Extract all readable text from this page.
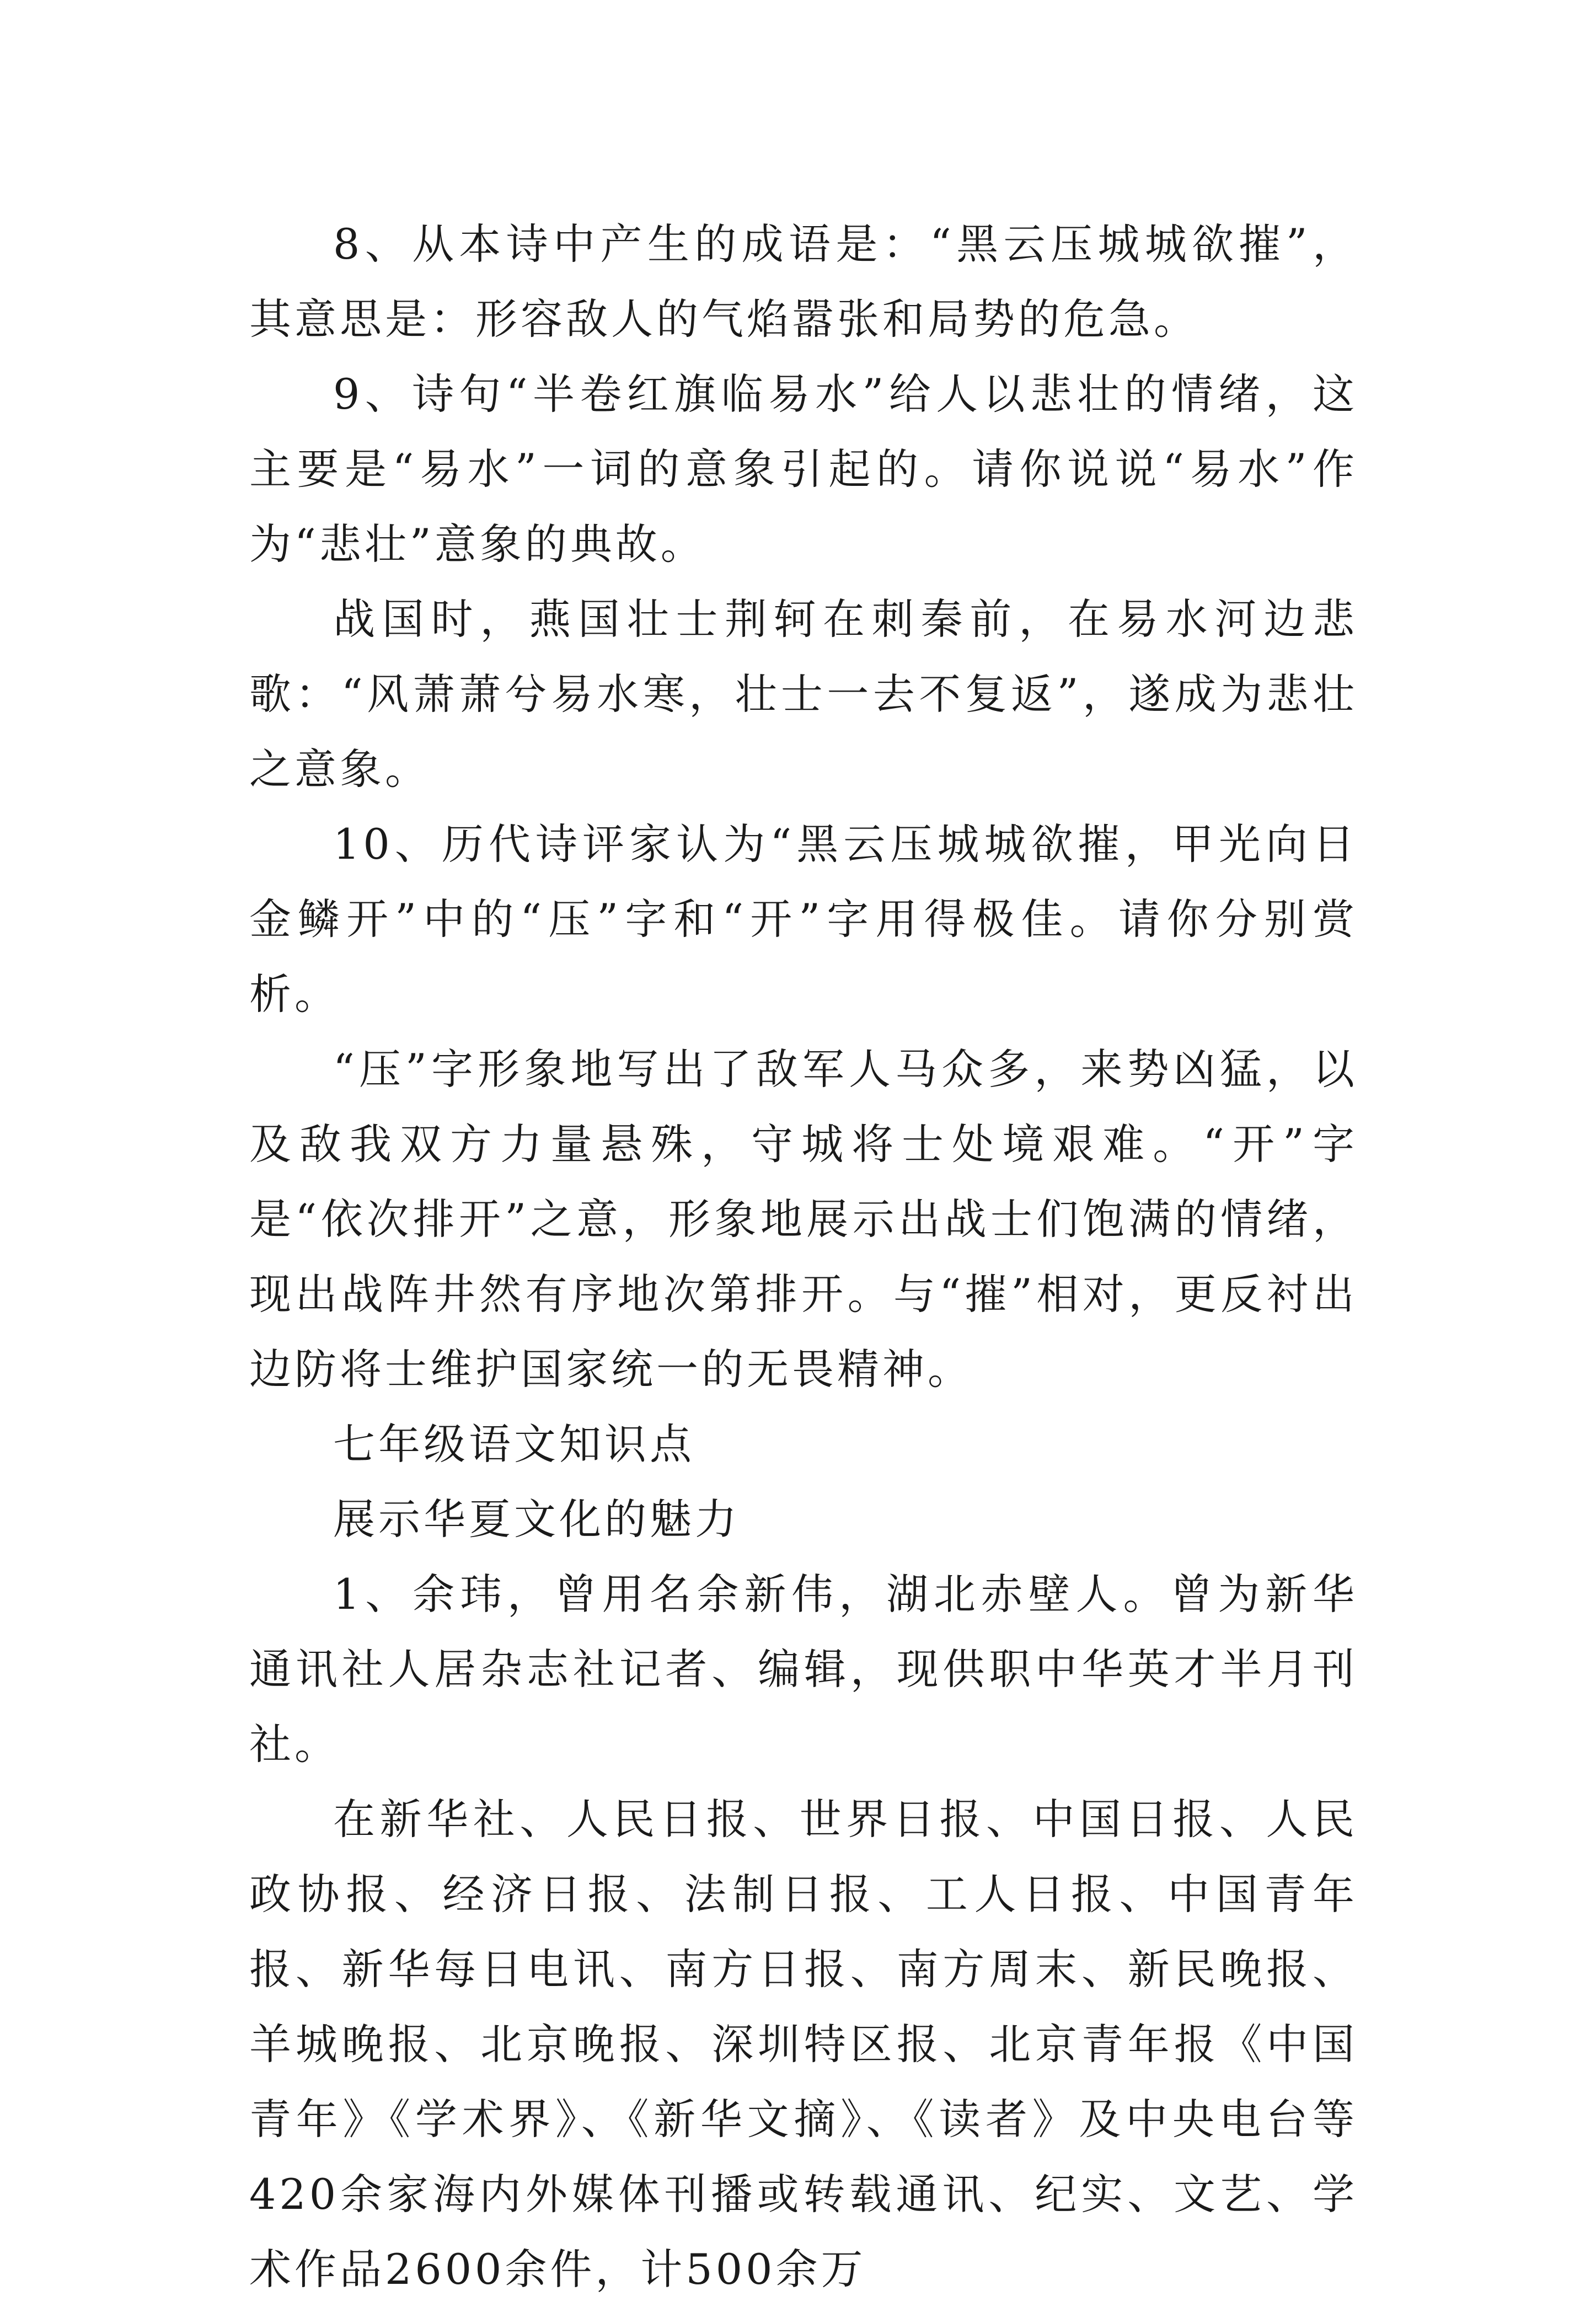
8、从本诗中产生的成语是：“黑云压城城欲摧”，其意思是：形容敌人的气焰嚣张和局势的危急。

9、诗句“半卷红旗临易水”给人以悲壮的情绪，这主要是“易水”一词的意象引起的。请你说说“易水”作为“悲壮”意象的典故。

战国时，燕国壮士荆轲在刺秦前，在易水河边悲歌：“风萧萧兮易水寒，壮士一去不复返”，遂成为悲壮之意象。

10、历代诗评家认为“黑云压城城欲摧，甲光向日金鳞开”中的“压”字和“开”字用得极佳。请你分别赏析。

“压”字形象地写出了敌军人马众多，来势凶猛，以及敌我双方力量悬殊，守城将士处境艰难。“开”字是“依次排开”之意，形象地展示出战士们饱满的情绪，现出战阵井然有序地次第排开。与“摧”相对，更反衬出边防将士维护国家统一的无畏精神。

七年级语文知识点

展示华夏文化的魅力

1、余玮，曾用名余新伟，湖北赤壁人。曾为新华通讯社人居杂志社记者、编辑，现供职中华英才半月刊社。

在新华社、人民日报、世界日报、中国日报、人民政协报、经济日报、法制日报、工人日报、中国青年报、新华每日电讯、南方日报、南方周末、新民晚报、羊城晚报、北京晚报、深圳特区报、北京青年报《中国青年》《学术界》、《新华文摘》、《读者》及中央电台等420余家海内外媒体刊播或转载通讯、纪实、文艺、学术作品2600余件，计500余万
